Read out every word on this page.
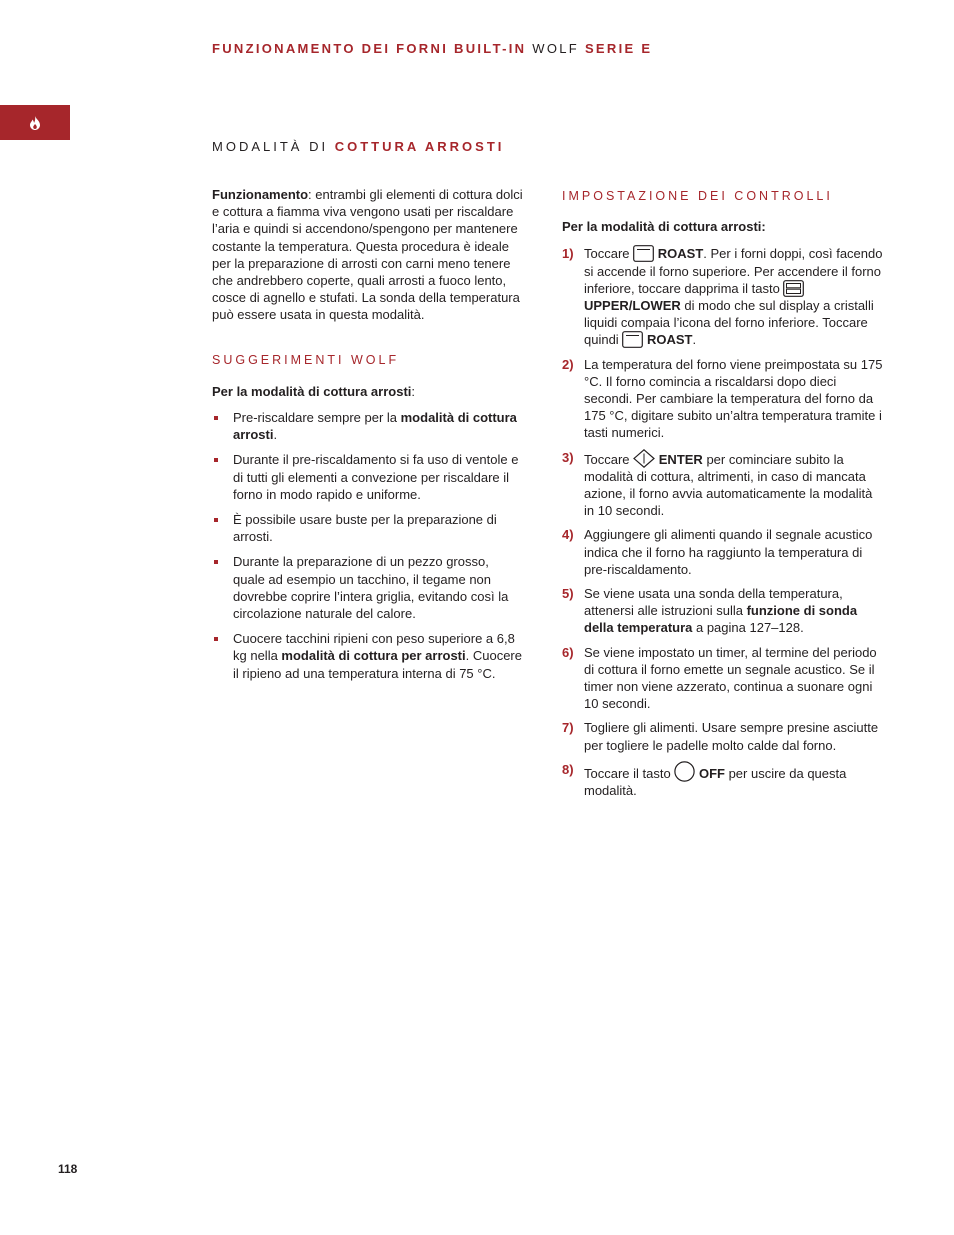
FUNZIONAMENTO DEI FORNI BUILT-IN WOLF SERIE E
MODALITÀ DI COTTURA ARROSTI

Funzionamento: entrambi gli elementi di cottura dolci e cottura a fiamma viva vengono usati per riscaldare l’aria e quindi si accendono/spengono per mantenere costante la temperatura. Questa procedura è ideale per la preparazione di arrosti con carni meno tenere che andrebbero coperte, quali arrosti a fuoco lento, cosce di agnello e stufati. La sonda della temperatura può essere usata in questa modalità.

SUGGERIMENTI WOLF

Per la modalità di cottura arrosti:

Pre-riscaldare sempre per la modalità di cottura arrosti.
Durante il pre-riscaldamento si fa uso di ventole e di tutti gli elementi a convezione per riscaldare il forno in modo rapido e uniforme.
È possibile usare buste per la preparazione di arrosti.
Durante la preparazione di un pezzo grosso, quale ad esempio un tacchino, il tegame non dovrebbe coprire l’intera griglia, evitando così la circolazione naturale del calore.
Cuocere tacchini ripieni con peso superiore a 6,8 kg nella modalità di cottura per arrosti. Cuocere il ripieno ad una temperatura interna di 75 °C.
IMPOSTAZIONE DEI CONTROLLI

Per la modalità di cottura arrosti:

1) Toccare  ROAST. Per i forni doppi, così facendo si accende il forno superiore. Per accendere il forno inferiore, toccare dapprima il tasto  UPPER/LOWER di modo che sul display a cristalli liquidi compaia l’icona del forno inferiore. Toccare quindi  ROAST.
2) La temperatura del forno viene preimpostata su 175 °C. Il forno comincia a riscaldarsi dopo dieci secondi. Per cambiare la temperatura del forno da 175 °C, digitare subito un’altra temperatura tramite i tasti numerici.
3) Toccare  ENTER per cominciare subito la modalità di cottura, altrimenti, in caso di mancata azione, il forno avvia automaticamente la modalità in 10 secondi.
4) Aggiungere gli alimenti quando il segnale acustico indica che il forno ha raggiunto la temperatura di pre-riscaldamento.
5) Se viene usata una sonda della temperatura, attenersi alle istruzioni sulla funzione di sonda della temperatura a pagina 127–128.
6) Se viene impostato un timer, al termine del periodo di cottura il forno emette un segnale acustico. Se il timer non viene azzerato, continua a suonare ogni 10 secondi.
7) Togliere gli alimenti. Usare sempre presine asciutte per togliere le padelle molto calde dal forno.
8) Toccare il tasto  OFF per uscire da questa modalità.
118
